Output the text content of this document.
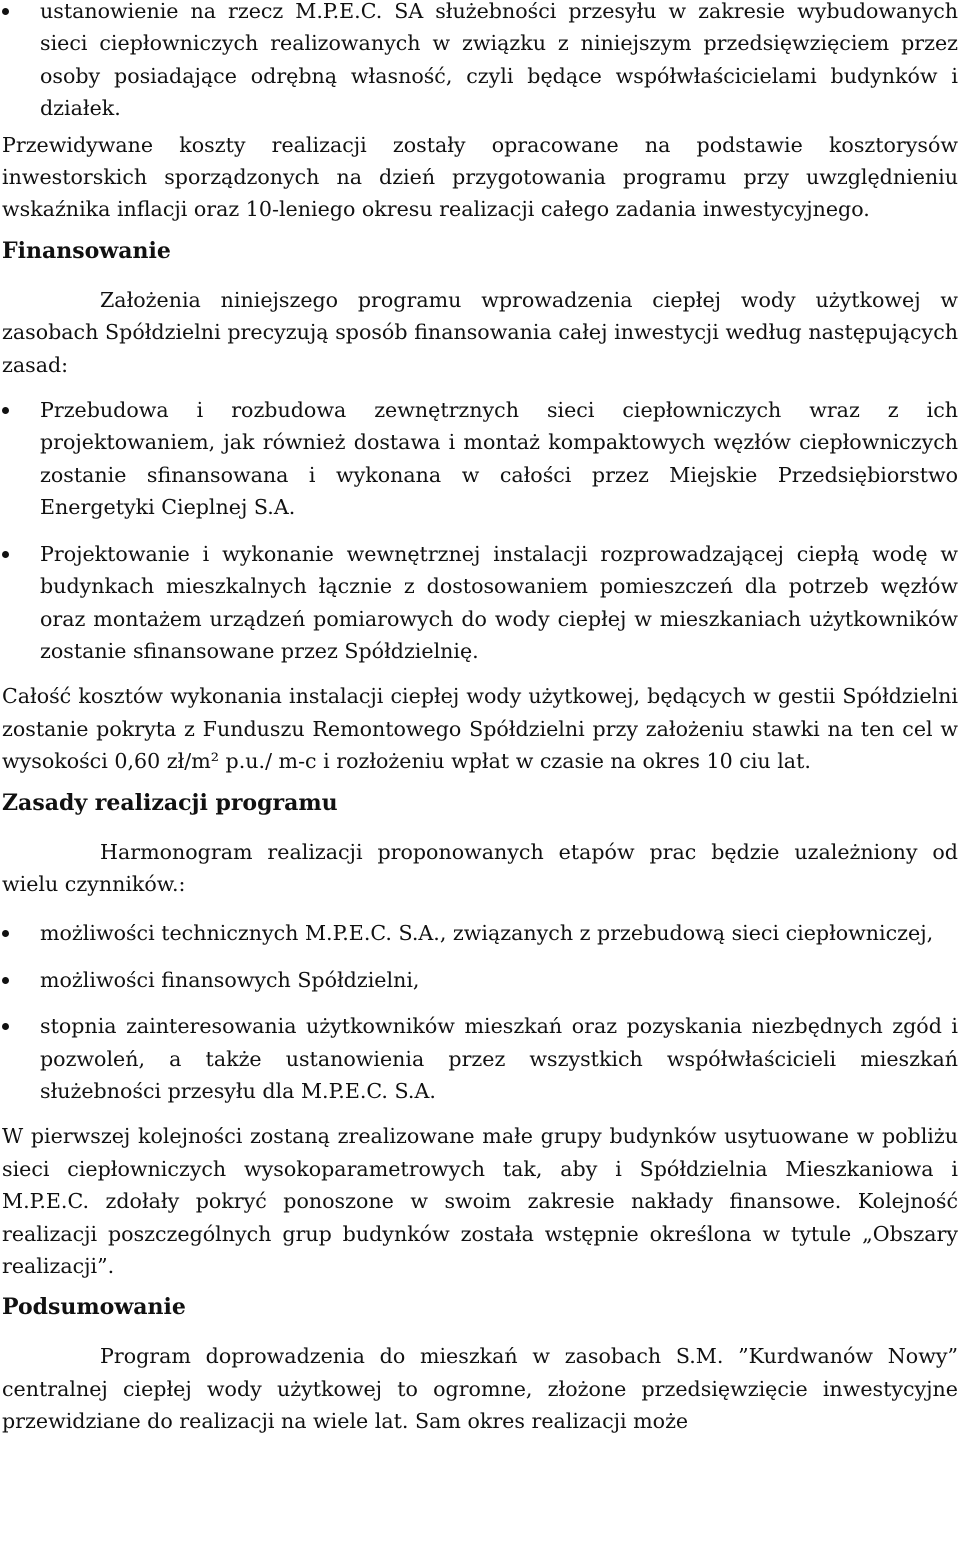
ustanowienie na rzecz M.P.E.C. SA służebności przesyłu w zakresie wybudowanych sieci ciepłowniczych realizowanych w związku z niniejszym przedsięwzięciem przez osoby posiadające odrębną własność, czyli będące współwłaścicielami budynków i działek.

Przewidywane koszty realizacji zostały opracowane na podstawie kosztorysów inwestorskich sporządzonych na dzień przygotowania programu przy uwzględnieniu wskaźnika inflacji oraz 10-leniego okresu realizacji całego zadania inwestycyjnego.

Finansowanie

Założenia niniejszego programu wprowadzenia ciepłej wody użytkowej w zasobach Spółdzielni precyzują sposób finansowania całej inwestycji według następujących zasad:

Przebudowa i rozbudowa zewnętrznych sieci ciepłowniczych wraz z ich projektowaniem, jak również dostawa i montaż kompaktowych węzłów ciepłowniczych zostanie sfinansowana i wykonana w całości przez Miejskie Przedsiębiorstwo Energetyki Cieplnej S.A.
Projektowanie i wykonanie wewnętrznej instalacji rozprowadzającej ciepłą wodę w budynkach mieszkalnych łącznie z dostosowaniem pomieszczeń dla potrzeb węzłów oraz montażem urządzeń pomiarowych do wody ciepłej w mieszkaniach użytkowników zostanie sfinansowane przez Spółdzielnię.

Całość kosztów wykonania instalacji ciepłej wody użytkowej, będących w gestii Spółdzielni zostanie pokryta z Funduszu Remontowego Spółdzielni przy założeniu stawki na ten cel w wysokości 0,60 zł/m² p.u./ m-c i rozłożeniu wpłat w czasie na okres 10 ciu lat.

Zasady realizacji programu

Harmonogram realizacji proponowanych etapów prac będzie uzależniony od wielu czynników.:

możliwości technicznych M.P.E.C. S.A., związanych z przebudową sieci ciepłowniczej,
możliwości finansowych Spółdzielni,
stopnia zainteresowania użytkowników mieszkań oraz pozyskania niezbędnych zgód i pozwoleń, a także ustanowienia przez wszystkich współwłaścicieli mieszkań służebności przesyłu dla M.P.E.C. S.A.

W pierwszej kolejności zostaną zrealizowane małe grupy budynków usytuowane w pobliżu sieci ciepłowniczych wysokoparametrowych tak, aby i Spółdzielnia Mieszkaniowa i M.P.E.C. zdołały pokryć ponoszone w swoim zakresie nakłady finansowe. Kolejność realizacji poszczególnych grup budynków została wstępnie określona w tytule „Obszary realizacji”.

Podsumowanie

Program doprowadzenia do mieszkań w zasobach S.M. ”Kurdwanów Nowy” centralnej ciepłej wody użytkowej to ogromne, złożone przedsięwzięcie inwestycyjne przewidziane do realizacji na wiele lat. Sam okres realizacji może
